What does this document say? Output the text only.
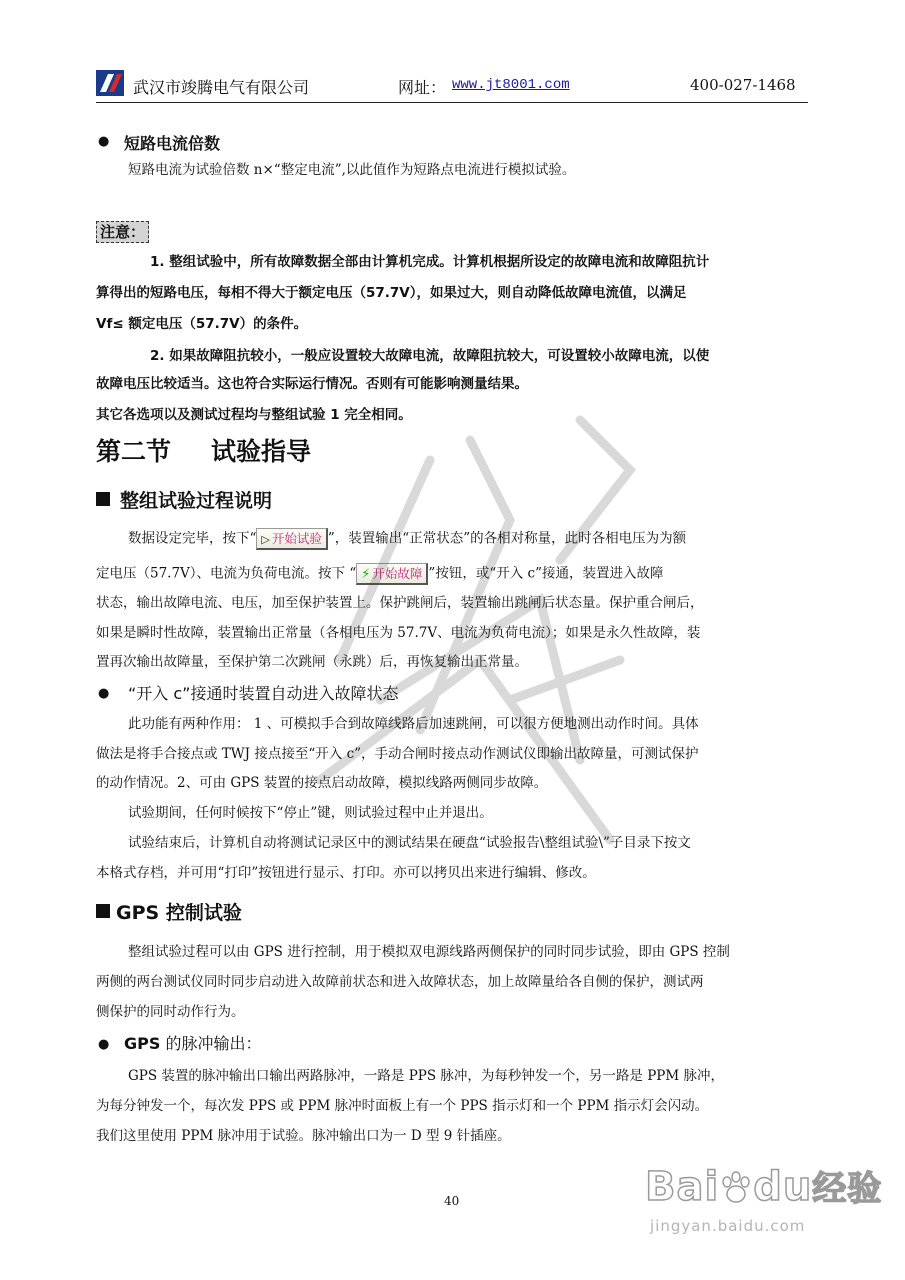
武汉市竣腾电气有限公司	网址： www.jt8001.com	400-027-1468
● 短路电流倍数
短路电流为试验倍数 n×“整定电流”,以此值作为短路点电流进行模拟试验。
注意：
1. 整组试验中，所有故障数据全部由计算机完成。计算机根据所设定的故障电流和故障阻抗计
算得出的短路电压，每相不得大于额定电压（57.7V），如果过大，则自动降低故障电流值，以满足
Vf≤ 额定电压（57.7V）的条件。
2. 如果故障阻抗较小，一般应设置较大故障电流，故障阻抗较大，可设置较小故障电流，以使
故障电压比较适当。这也符合实际运行情况。否则有可能影响测量结果。
其它各选项以及测试过程均与整组试验 1 完全相同。
第二节 试验指导
整组试验过程说明
数据设定完毕，按下“ ▷ 开始试验 ”，装置输出“正常状态”的各相对称量，此时各相电压为为额
定电压（57.7V）、电流为负荷电流。按下 “ ⚡ 开始故障 ”按钮，或“开入 c”接通，装置进入故障
状态，输出故障电流、电压，加至保护装置上。保护跳闸后，装置输出跳闸后状态量。保护重合闸后，
如果是瞬时性故障，装置输出正常量（各相电压为 57.7V、电流为负荷电流）；如果是永久性故障，装
置再次输出故障量，至保护第二次跳闸（永跳）后，再恢复输出正常量。
● “开入 c”接通时装置自动进入故障状态
此功能有两种作用： 1 、可模拟手合到故障线路后加速跳闸，可以很方便地测出动作时间。具体
做法是将手合接点或 TWJ 接点接至“开入 c”，手动合闸时接点动作测试仪即输出故障量，可测试保护
的动作情况。2、可由 GPS 装置的接点启动故障，模拟线路两侧同步故障。
试验期间，任何时候按下“停止”键，则试验过程中止并退出。
试验结束后，计算机自动将测试记录区中的测试结果在硬盘“试验报告\整组试验\”子目录下按文
本格式存档，并可用“打印”按钮进行显示、打印。亦可以拷贝出来进行编辑、修改。
GPS 控制试验
整组试验过程可以由 GPS 进行控制，用于模拟双电源线路两侧保护的同时同步试验，即由 GPS 控制
两侧的两台测试仪同时同步启动进入故障前状态和进入故障状态，加上故障量给各自侧的保护，测试两
侧保护的同时动作行为。
● GPS 的脉冲输出：
GPS 装置的脉冲输出口输出两路脉冲，一路是 PPS 脉冲，为每秒钟发一个，另一路是 PPM 脉冲，
为每分钟发一个，每次发 PPS 或 PPM 脉冲时面板上有一个 PPS 指示灯和一个 PPM 指示灯会闪动。
我们这里使用 PPM 脉冲用于试验。脉冲输出口为一 D 型 9 针插座。
40	Bai du经验
jingyan.baidu.com
